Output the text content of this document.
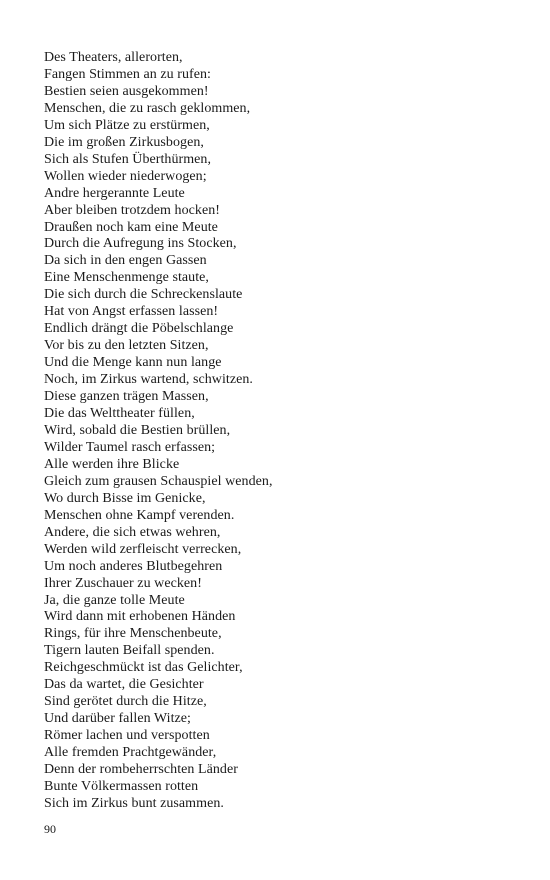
Des Theaters, allerorten,
Fangen Stimmen an zu rufen:
Bestien seien ausgekommen!
Menschen, die zu rasch geklommen,
Um sich Plätze zu erstürmen,
Die im großen Zirkusbogen,
Sich als Stufen Überthürmen,
Wollen wieder niederwogen;
Andre hergerannte Leute
Aber bleiben trotzdem hocken!
Draußen noch kam eine Meute
Durch die Aufregung ins Stocken,
Da sich in den engen Gassen
Eine Menschenmenge staute,
Die sich durch die Schreckenslaute
Hat von Angst erfassen lassen!
Endlich drängt die Pöbelschlange
Vor bis zu den letzten Sitzen,
Und die Menge kann nun lange
Noch, im Zirkus wartend, schwitzen.
Diese ganzen trägen Massen,
Die das Welttheater füllen,
Wird, sobald die Bestien brüllen,
Wilder Taumel rasch erfassen;
Alle werden ihre Blicke
Gleich zum grausen Schauspiel wenden,
Wo durch Bisse im Genicke,
Menschen ohne Kampf verenden.
Andere, die sich etwas wehren,
Werden wild zerfleischt verrecken,
Um noch anderes Blutbegehren
Ihrer Zuschauer zu wecken!
Ja, die ganze tolle Meute
Wird dann mit erhobenen Händen
Rings, für ihre Menschenbeute,
Tigern lauten Beifall spenden.
Reichgeschmückt ist das Gelichter,
Das da wartet, die Gesichter
Sind gerötet durch die Hitze,
Und darüber fallen Witze;
Römer lachen und verspotten
Alle fremden Prachtgewänder,
Denn der rombeherrschten Länder
Bunte Völkermassen rotten
Sich im Zirkus bunt zusammen.
90
